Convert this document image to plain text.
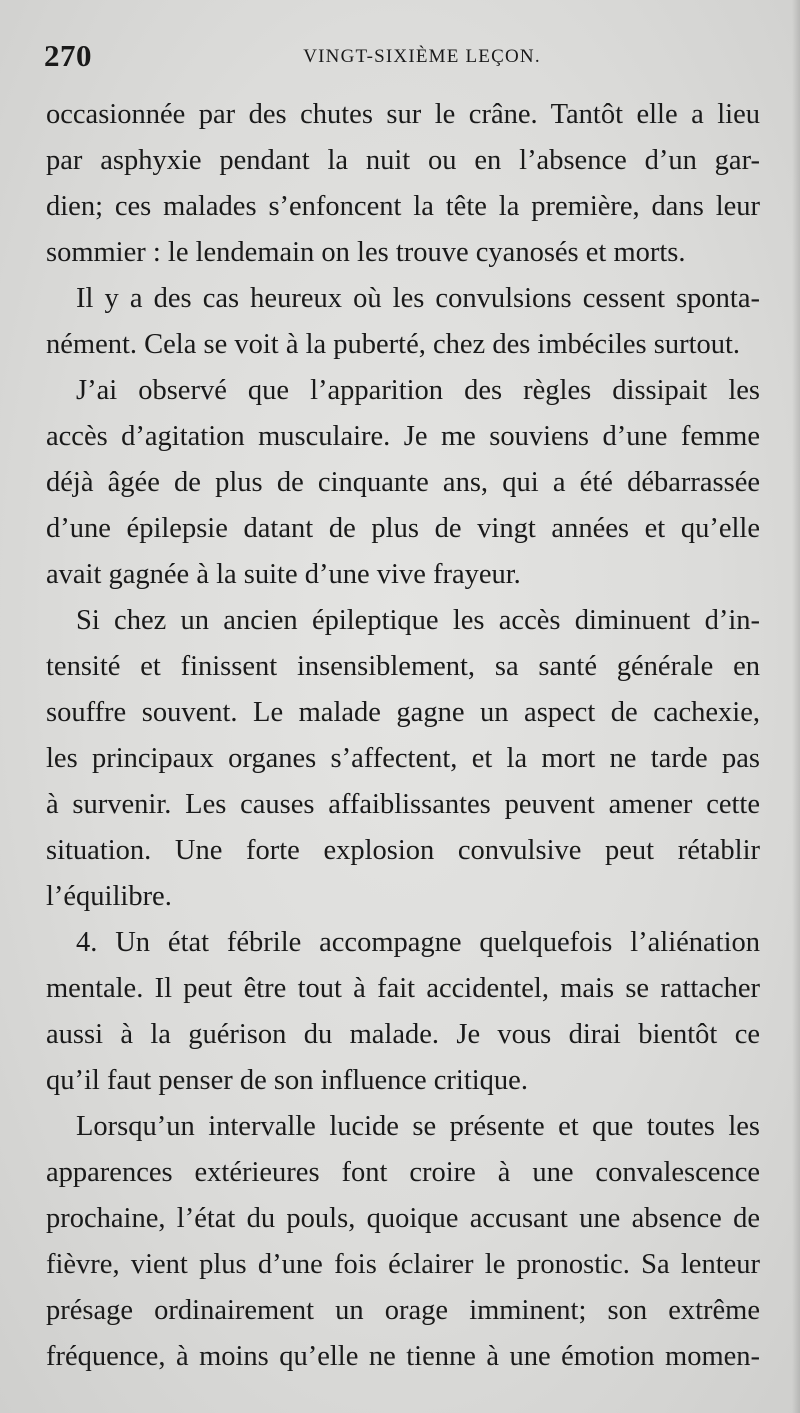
270	VINGT-SIXIÈME LEÇON.
occasionnée par des chutes sur le crâne. Tantôt elle a lieu
par asphyxie pendant la nuit ou en l’absence d’un gar-
dien; ces malades s’enfoncent la tête la première, dans leur
sommier : le lendemain on les trouve cyanosés et morts.
Il y a des cas heureux où les convulsions cessent sponta-
nément. Cela se voit à la puberté, chez des imbéciles surtout.
J’ai observé que l’apparition des règles dissipait les
accès d’agitation musculaire. Je me souviens d’une femme
déjà âgée de plus de cinquante ans, qui a été débarrassée
d’une épilepsie datant de plus de vingt années et qu’elle
avait gagnée à la suite d’une vive frayeur.
Si chez un ancien épileptique les accès diminuent d’in-
tensité et finissent insensiblement, sa santé générale en
souffre souvent. Le malade gagne un aspect de cachexie,
les principaux organes s’affectent, et la mort ne tarde pas
à survenir. Les causes affaiblissantes peuvent amener cette
situation. Une forte explosion convulsive peut rétablir
l’équilibre.
4. Un état fébrile accompagne quelquefois l’aliénation
mentale. Il peut être tout à fait accidentel, mais se rattacher
aussi à la guérison du malade. Je vous dirai bientôt ce
qu’il faut penser de son influence critique.
Lorsqu’un intervalle lucide se présente et que toutes les
apparences extérieures font croire à une convalescence
prochaine, l’état du pouls, quoique accusant une absence de
fièvre, vient plus d’une fois éclairer le pronostic. Sa lenteur
présage ordinairement un orage imminent; son extrême
fréquence, à moins qu’elle ne tienne à une émotion momen-
